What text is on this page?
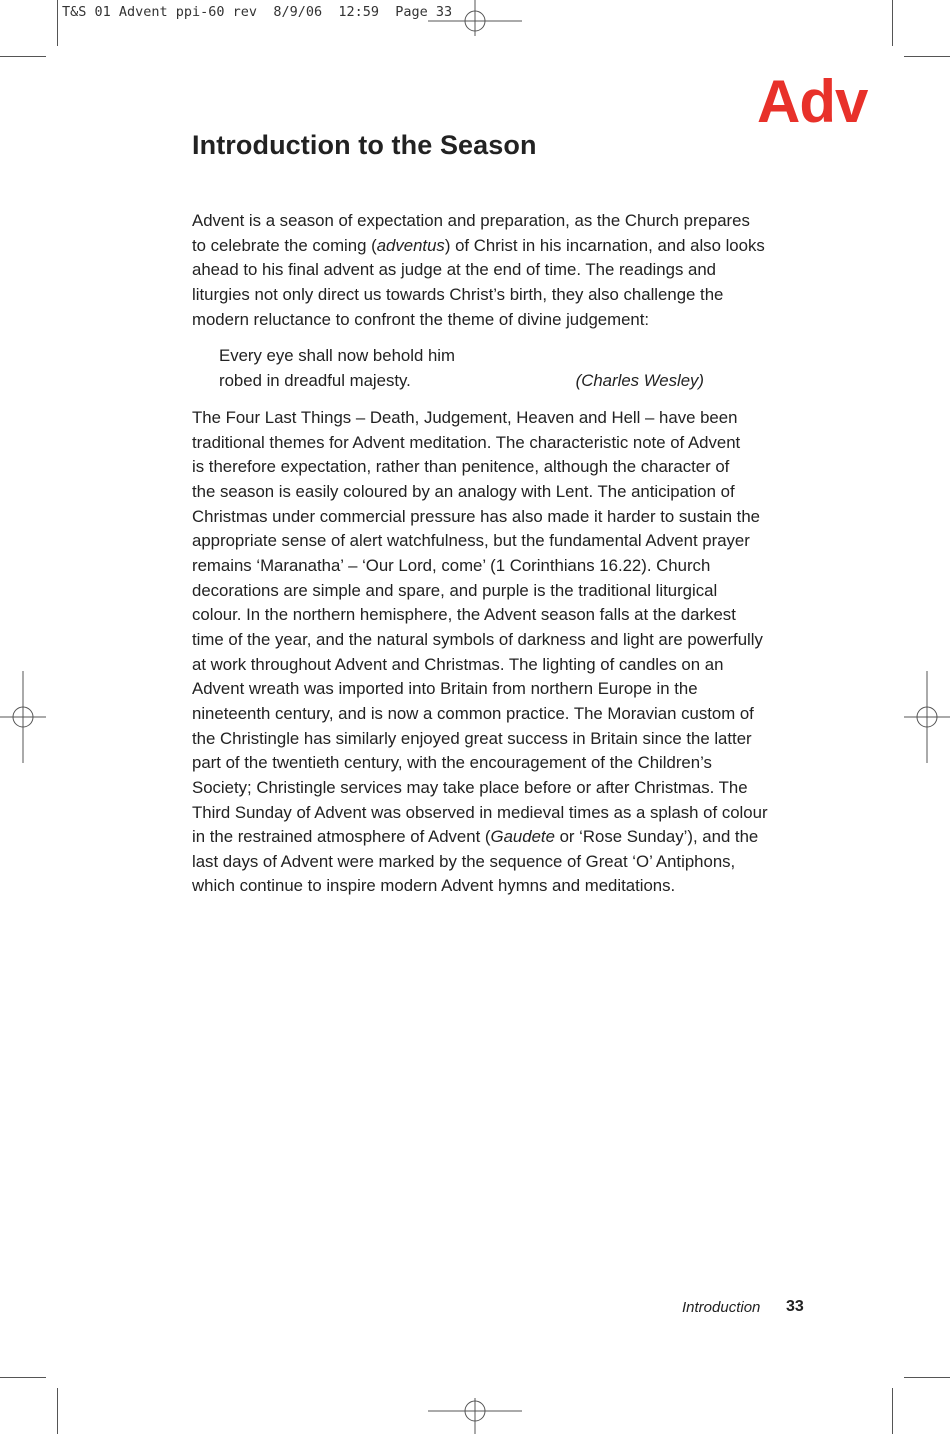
T&S 01 Advent ppi-60 rev  8/9/06  12:59  Page 33
Adv
Introduction to the Season
Advent is a season of expectation and preparation, as the Church prepares
to celebrate the coming (adventus) of Christ in his incarnation, and also looks
ahead to his final advent as judge at the end of time. The readings and
liturgies not only direct us towards Christ’s birth, they also challenge the
modern reluctance to confront the theme of divine judgement:
Every eye shall now behold him
robed in dreadful majesty.	(Charles Wesley)
The Four Last Things – Death, Judgement, Heaven and Hell – have been
traditional themes for Advent meditation. The characteristic note of Advent
is therefore expectation, rather than penitence, although the character of
the season is easily coloured by an analogy with Lent. The anticipation of
Christmas under commercial pressure has also made it harder to sustain the
appropriate sense of alert watchfulness, but the fundamental Advent prayer
remains ‘Maranatha’ – ‘Our Lord, come’ (1 Corinthians 16.22). Church
decorations are simple and spare, and purple is the traditional liturgical
colour. In the northern hemisphere, the Advent season falls at the darkest
time of the year, and the natural symbols of darkness and light are powerfully
at work throughout Advent and Christmas. The lighting of candles on an
Advent wreath was imported into Britain from northern Europe in the
nineteenth century, and is now a common practice. The Moravian custom of
the Christingle has similarly enjoyed great success in Britain since the latter
part of the twentieth century, with the encouragement of the Children’s
Society; Christingle services may take place before or after Christmas. The
Third Sunday of Advent was observed in medieval times as a splash of colour
in the restrained atmosphere of Advent (Gaudete or ‘Rose Sunday’), and the
last days of Advent were marked by the sequence of Great ‘O’ Antiphons,
which continue to inspire modern Advent hymns and meditations.
Introduction 33
